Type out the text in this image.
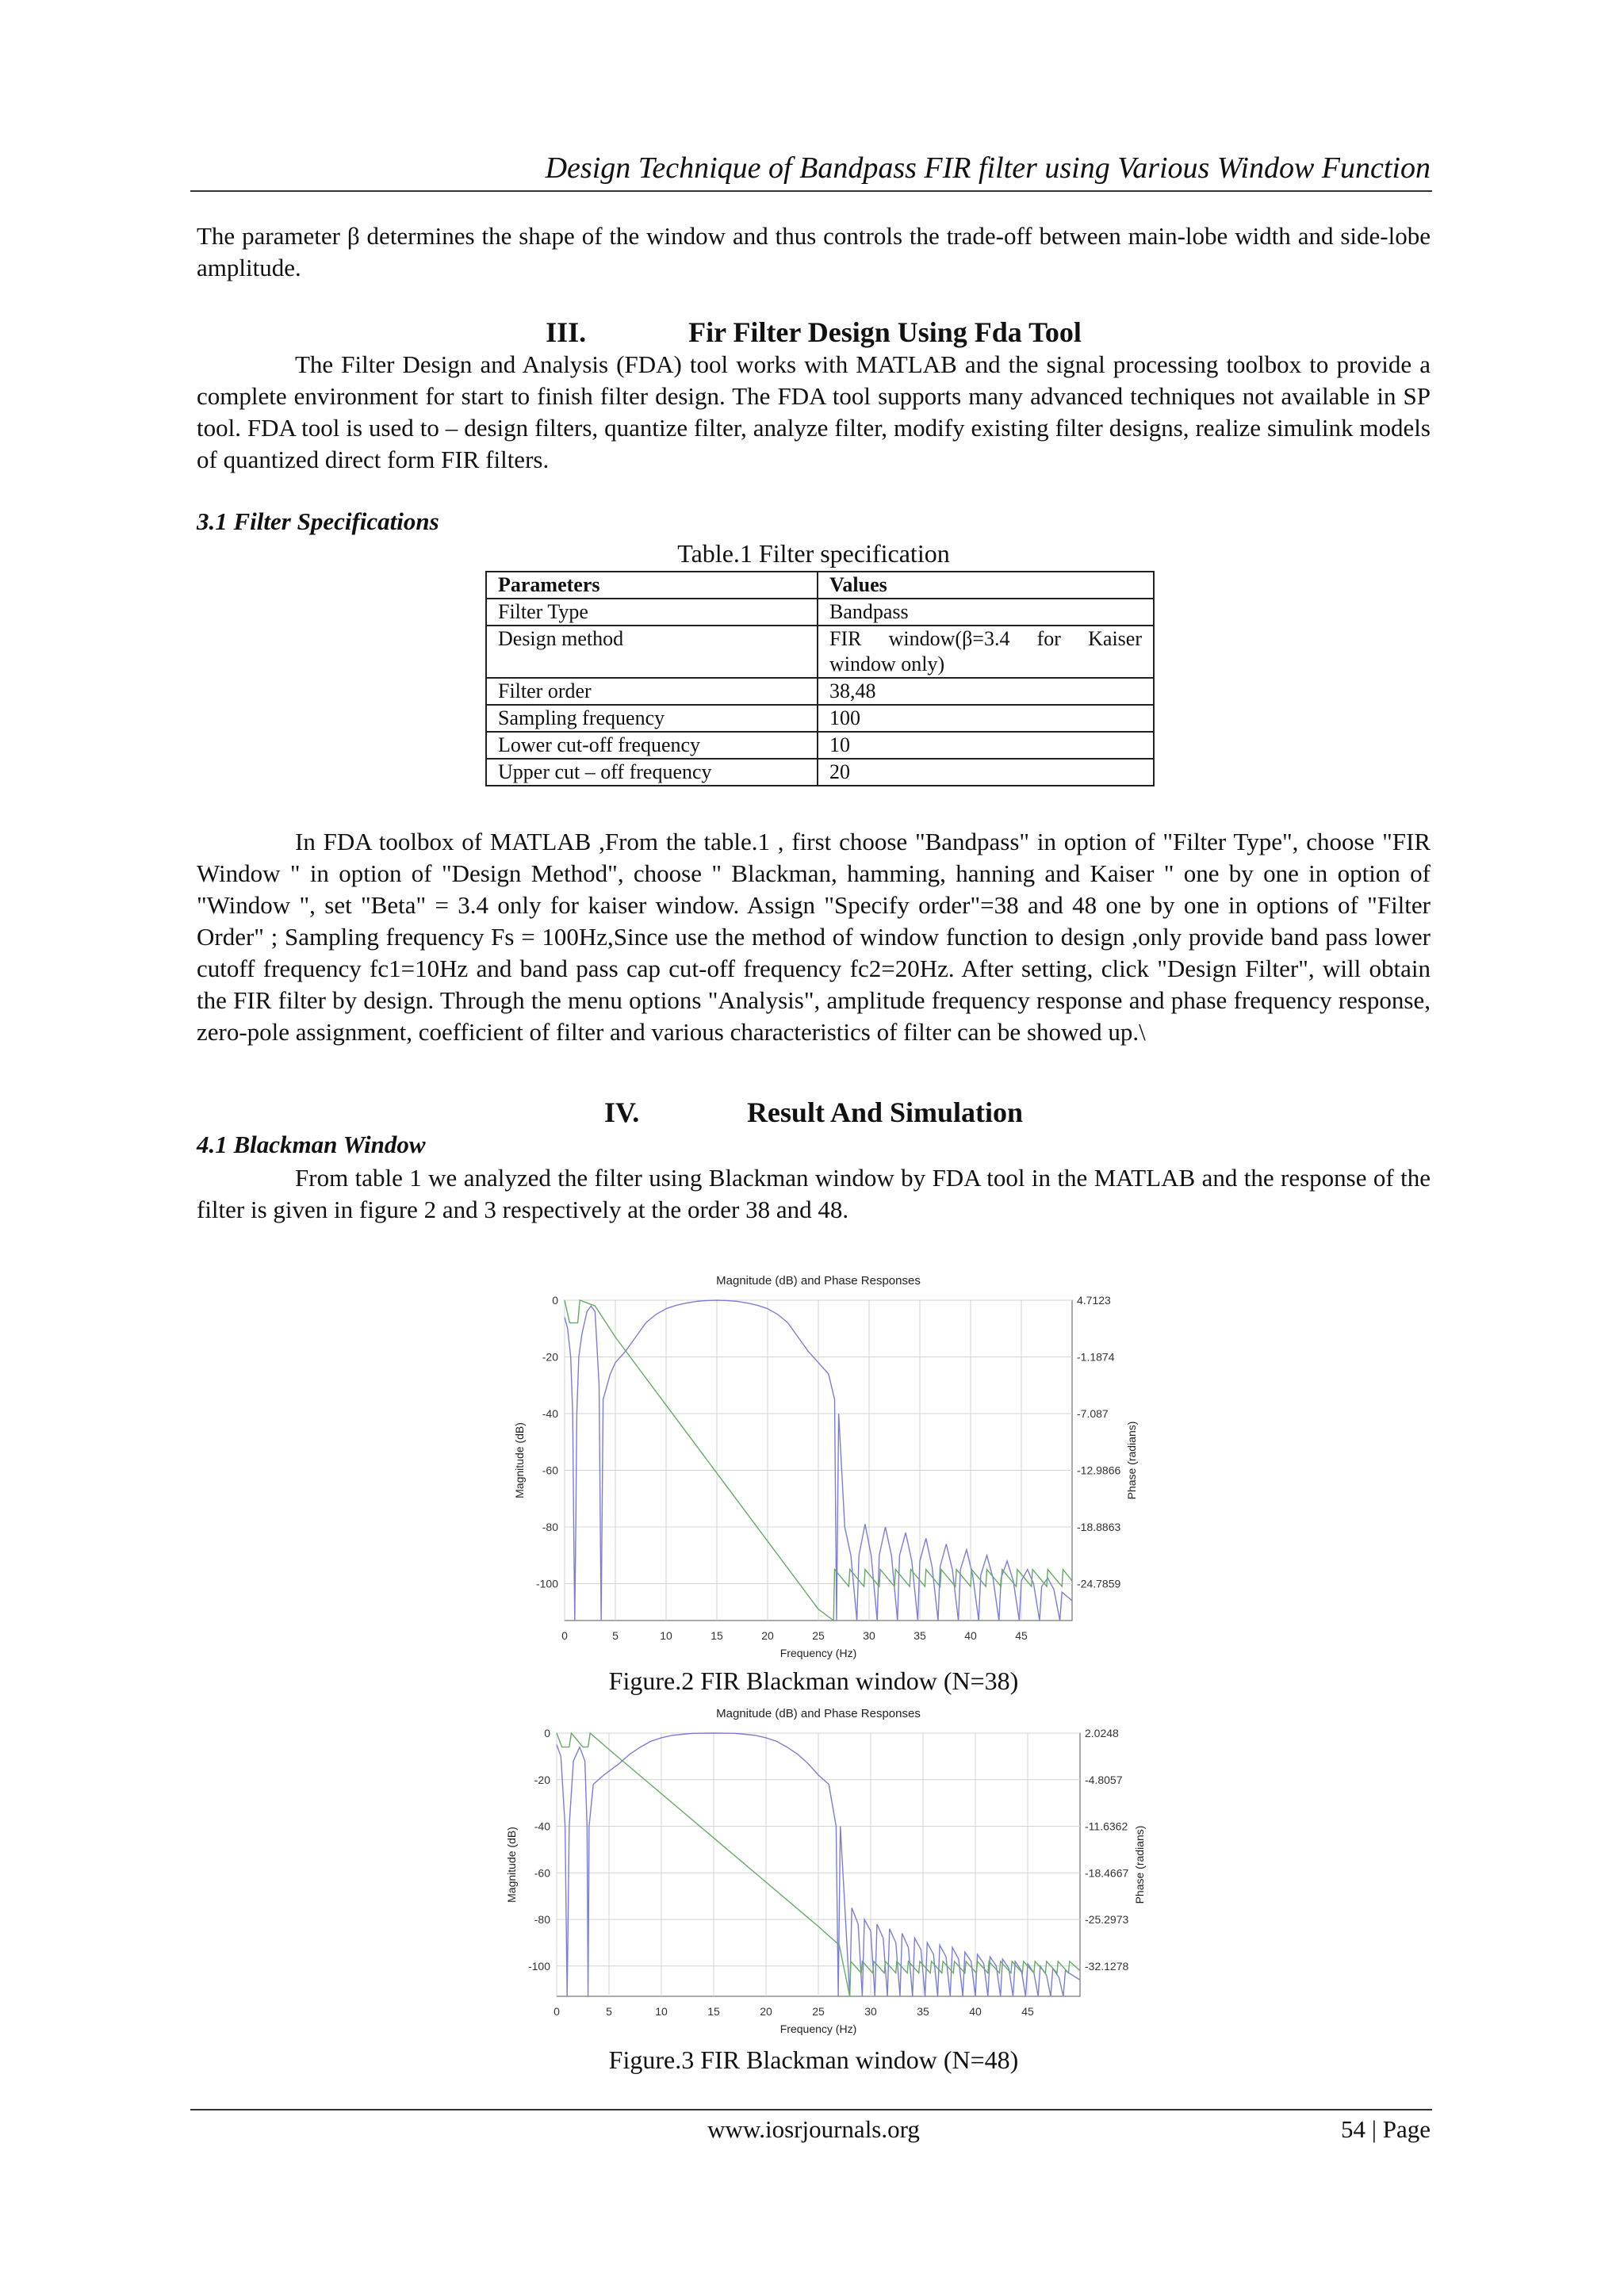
Design Technique of Bandpass FIR filter using Various Window Function

The parameter β determines the shape of the window and thus controls the trade-off between main-lobe width and side-lobe amplitude.

III.	Fir Filter Design Using Fda Tool

The Filter Design and Analysis (FDA) tool works with MATLAB and the signal processing toolbox to provide a complete environment for start to finish filter design. The FDA tool supports many advanced techniques not available in SP tool. FDA tool is used to – design filters, quantize filter, analyze filter, modify existing filter designs, realize simulink models of quantized direct form FIR filters.

3.1 Filter Specifications

Table.1 Filter specification

Parameters	Values
Filter Type	Bandpass
Design method	FIR window(β=3.4 for Kaiser window only)
Filter order	38,48
Sampling frequency	100
Lower cut-off frequency	10
Upper cut – off frequency	20

In FDA toolbox of MATLAB ,From the table.1 , first choose "Bandpass" in option of "Filter Type", choose "FIR Window " in option of "Design Method", choose " Blackman, hamming, hanning and Kaiser " one by one in option of "Window ", set "Beta" = 3.4 only for kaiser window. Assign "Specify order"=38 and 48 one by one in options of "Filter Order" ; Sampling frequency Fs = 100Hz,Since use the method of window function to design ,only provide band pass lower cutoff frequency fc1=10Hz and band pass cap cut-off frequency fc2=20Hz. After setting, click "Design Filter", will obtain the FIR filter by design. Through the menu options "Analysis", amplitude frequency response and phase frequency response, zero-pole assignment, coefficient of filter and various characteristics of filter can be showed up.\

IV.	Result And Simulation

4.1 Blackman Window

From table 1 we analyzed the filter using Blackman window by FDA tool in the MATLAB and the response of the filter is given in figure 2 and 3 respectively at the order 38 and 48.

Magnitude (dB) and Phase Responses
0	5	10	15	20	25	30	35	40	45
0	4.7123
-20	-1.1874
-40	-7.087
-60	-12.9866
-80	-18.8863
-100	-24.7859
Frequency (Hz)
Magnitude (dB)	Phase (radians)

Figure.2 FIR Blackman window (N=38)

Magnitude (dB) and Phase Responses
0	5	10	15	20	25	30	35	40	45
0	2.0248
-20	-4.8057
-40	-11.6362
-60	-18.4667
-80	-25.2973
-100	-32.1278
Frequency (Hz)
Magnitude (dB)	Phase (radians)

Figure.3 FIR Blackman window (N=48)

www.iosrjournals.org	54 | Page
